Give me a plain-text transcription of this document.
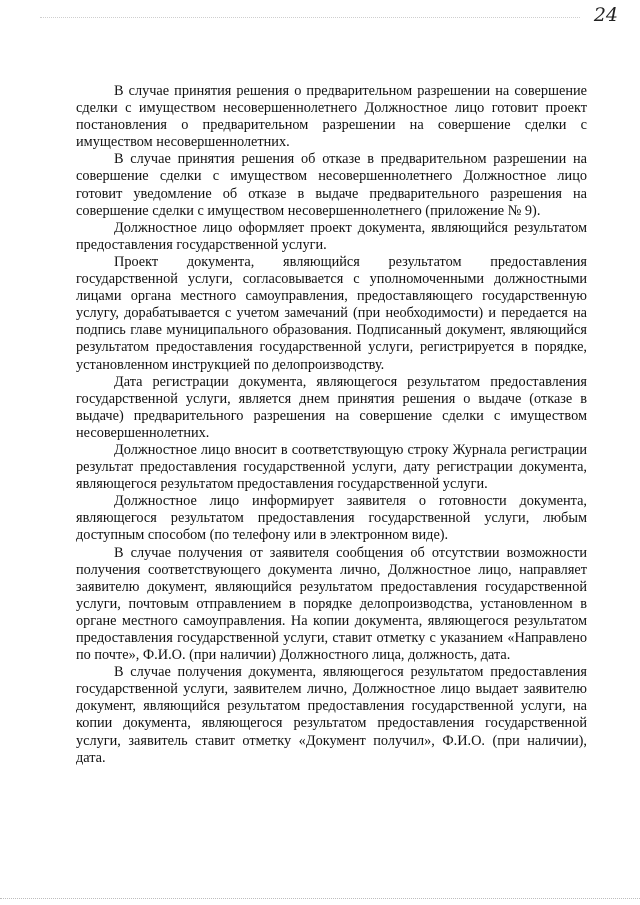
24

В случае принятия решения о предварительном разрешении на совершение сделки с имуществом несовершеннолетнего Должностное лицо готовит проект постановления о предварительном разрешении на совершение сделки с имуществом несовершеннолетних.

В случае принятия решения об отказе в предварительном разрешении на совершение сделки с имуществом несовершеннолетнего Должностное лицо готовит уведомление об отказе в выдаче предварительного разрешения на совершение сделки с имуществом несовершеннолетнего (приложение № 9).

Должностное лицо оформляет проект документа, являющийся результатом предоставления государственной услуги.

Проект документа, являющийся результатом предоставления государственной услуги, согласовывается с уполномоченными должностными лицами органа местного самоуправления, предоставляющего государственную услугу, дорабатывается с учетом замечаний (при необходимости) и передается на подпись главе муниципального образования. Подписанный документ, являющийся результатом предоставления государственной услуги, регистрируется в порядке, установленном инструкцией по делопроизводству.

Дата регистрации документа, являющегося результатом предоставления государственной услуги, является днем принятия решения о выдаче (отказе в выдаче) предварительного разрешения на совершение сделки с имуществом несовершеннолетних.

Должностное лицо вносит в соответствующую строку Журнала регистрации результат предоставления государственной услуги, дату регистрации документа, являющегося результатом предоставления государственной услуги.

Должностное лицо информирует заявителя о готовности документа, являющегося результатом предоставления государственной услуги, любым доступным способом (по телефону или в электронном виде).

В случае получения от заявителя сообщения об отсутствии возможности получения соответствующего документа лично, Должностное лицо, направляет заявителю документ, являющийся результатом предоставления государственной услуги, почтовым отправлением в порядке делопроизводства, установленном в органе местного самоуправления. На копии документа, являющегося результатом предоставления государственной услуги, ставит отметку с указанием «Направлено по почте», Ф.И.О. (при наличии) Должностного лица, должность, дата.

В случае получения документа, являющегося результатом предоставления государственной услуги, заявителем лично, Должностное лицо выдает заявителю документ, являющийся результатом предоставления государственной услуги, на копии документа, являющегося результатом предоставления государственной услуги, заявитель ставит отметку «Документ получил», Ф.И.О. (при наличии), дата.
